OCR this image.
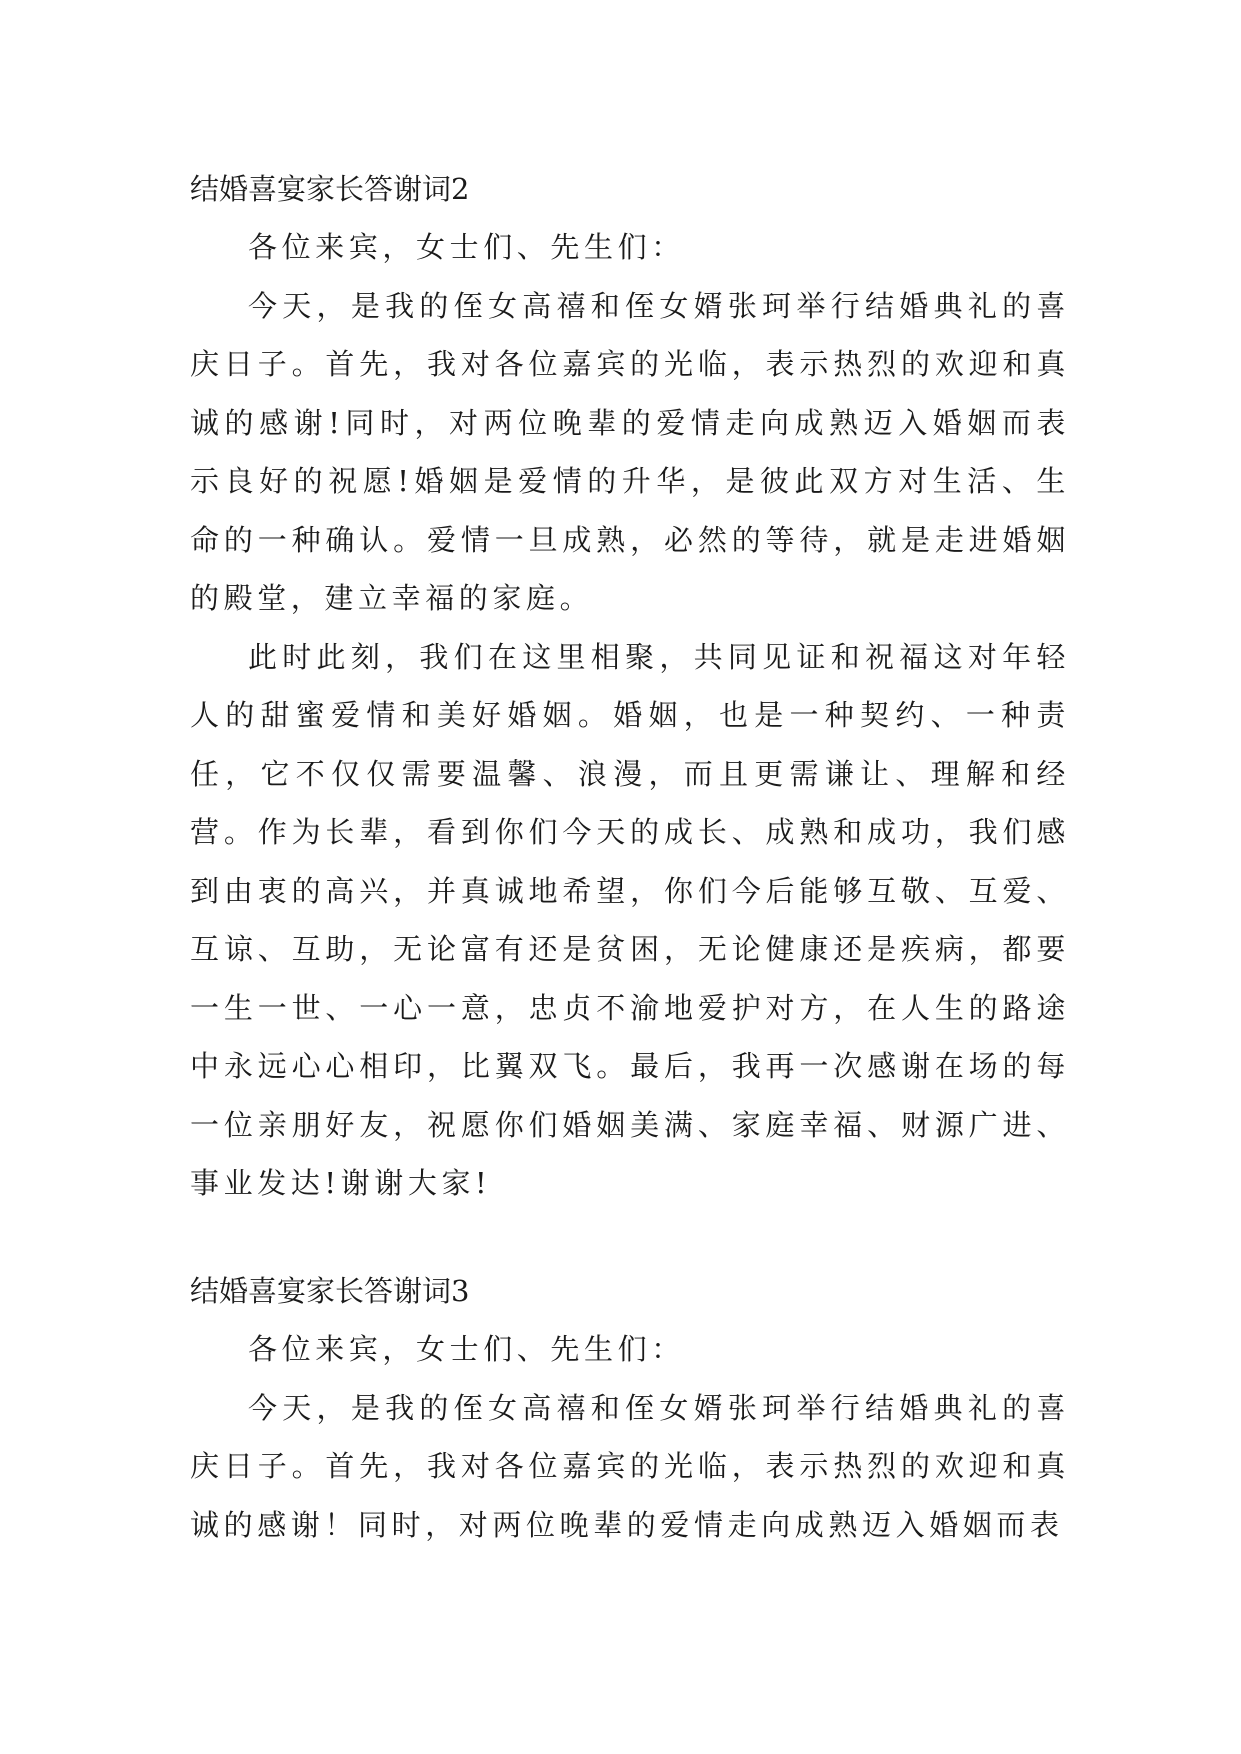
结婚喜宴家长答谢词2

各位来宾，女士们、先生们：

今天，是我的侄女高禧和侄女婿张珂举行结婚典礼的喜庆日子。首先，我对各位嘉宾的光临，表示热烈的欢迎和真诚的感谢!同时，对两位晚辈的爱情走向成熟迈入婚姻而表示良好的祝愿!婚姻是爱情的升华，是彼此双方对生活、生命的一种确认。爱情一旦成熟，必然的等待，就是走进婚姻的殿堂，建立幸福的家庭。

此时此刻，我们在这里相聚，共同见证和祝福这对年轻人的甜蜜爱情和美好婚姻。婚姻，也是一种契约、一种责任，它不仅仅需要温馨、浪漫，而且更需谦让、理解和经营。作为长辈，看到你们今天的成长、成熟和成功，我们感到由衷的高兴，并真诚地希望，你们今后能够互敬、互爱、互谅、互助，无论富有还是贫困，无论健康还是疾病，都要一生一世、一心一意，忠贞不渝地爱护对方，在人生的路途中永远心心相印，比翼双飞。最后，我再一次感谢在场的每一位亲朋好友，祝愿你们婚姻美满、家庭幸福、财源广进、事业发达!谢谢大家!

结婚喜宴家长答谢词3

各位来宾，女士们、先生们：

今天，是我的侄女高禧和侄女婿张珂举行结婚典礼的喜庆日子。首先，我对各位嘉宾的光临，表示热烈的欢迎和真诚的感谢！同时，对两位晚辈的爱情走向成熟迈入婚姻而表
